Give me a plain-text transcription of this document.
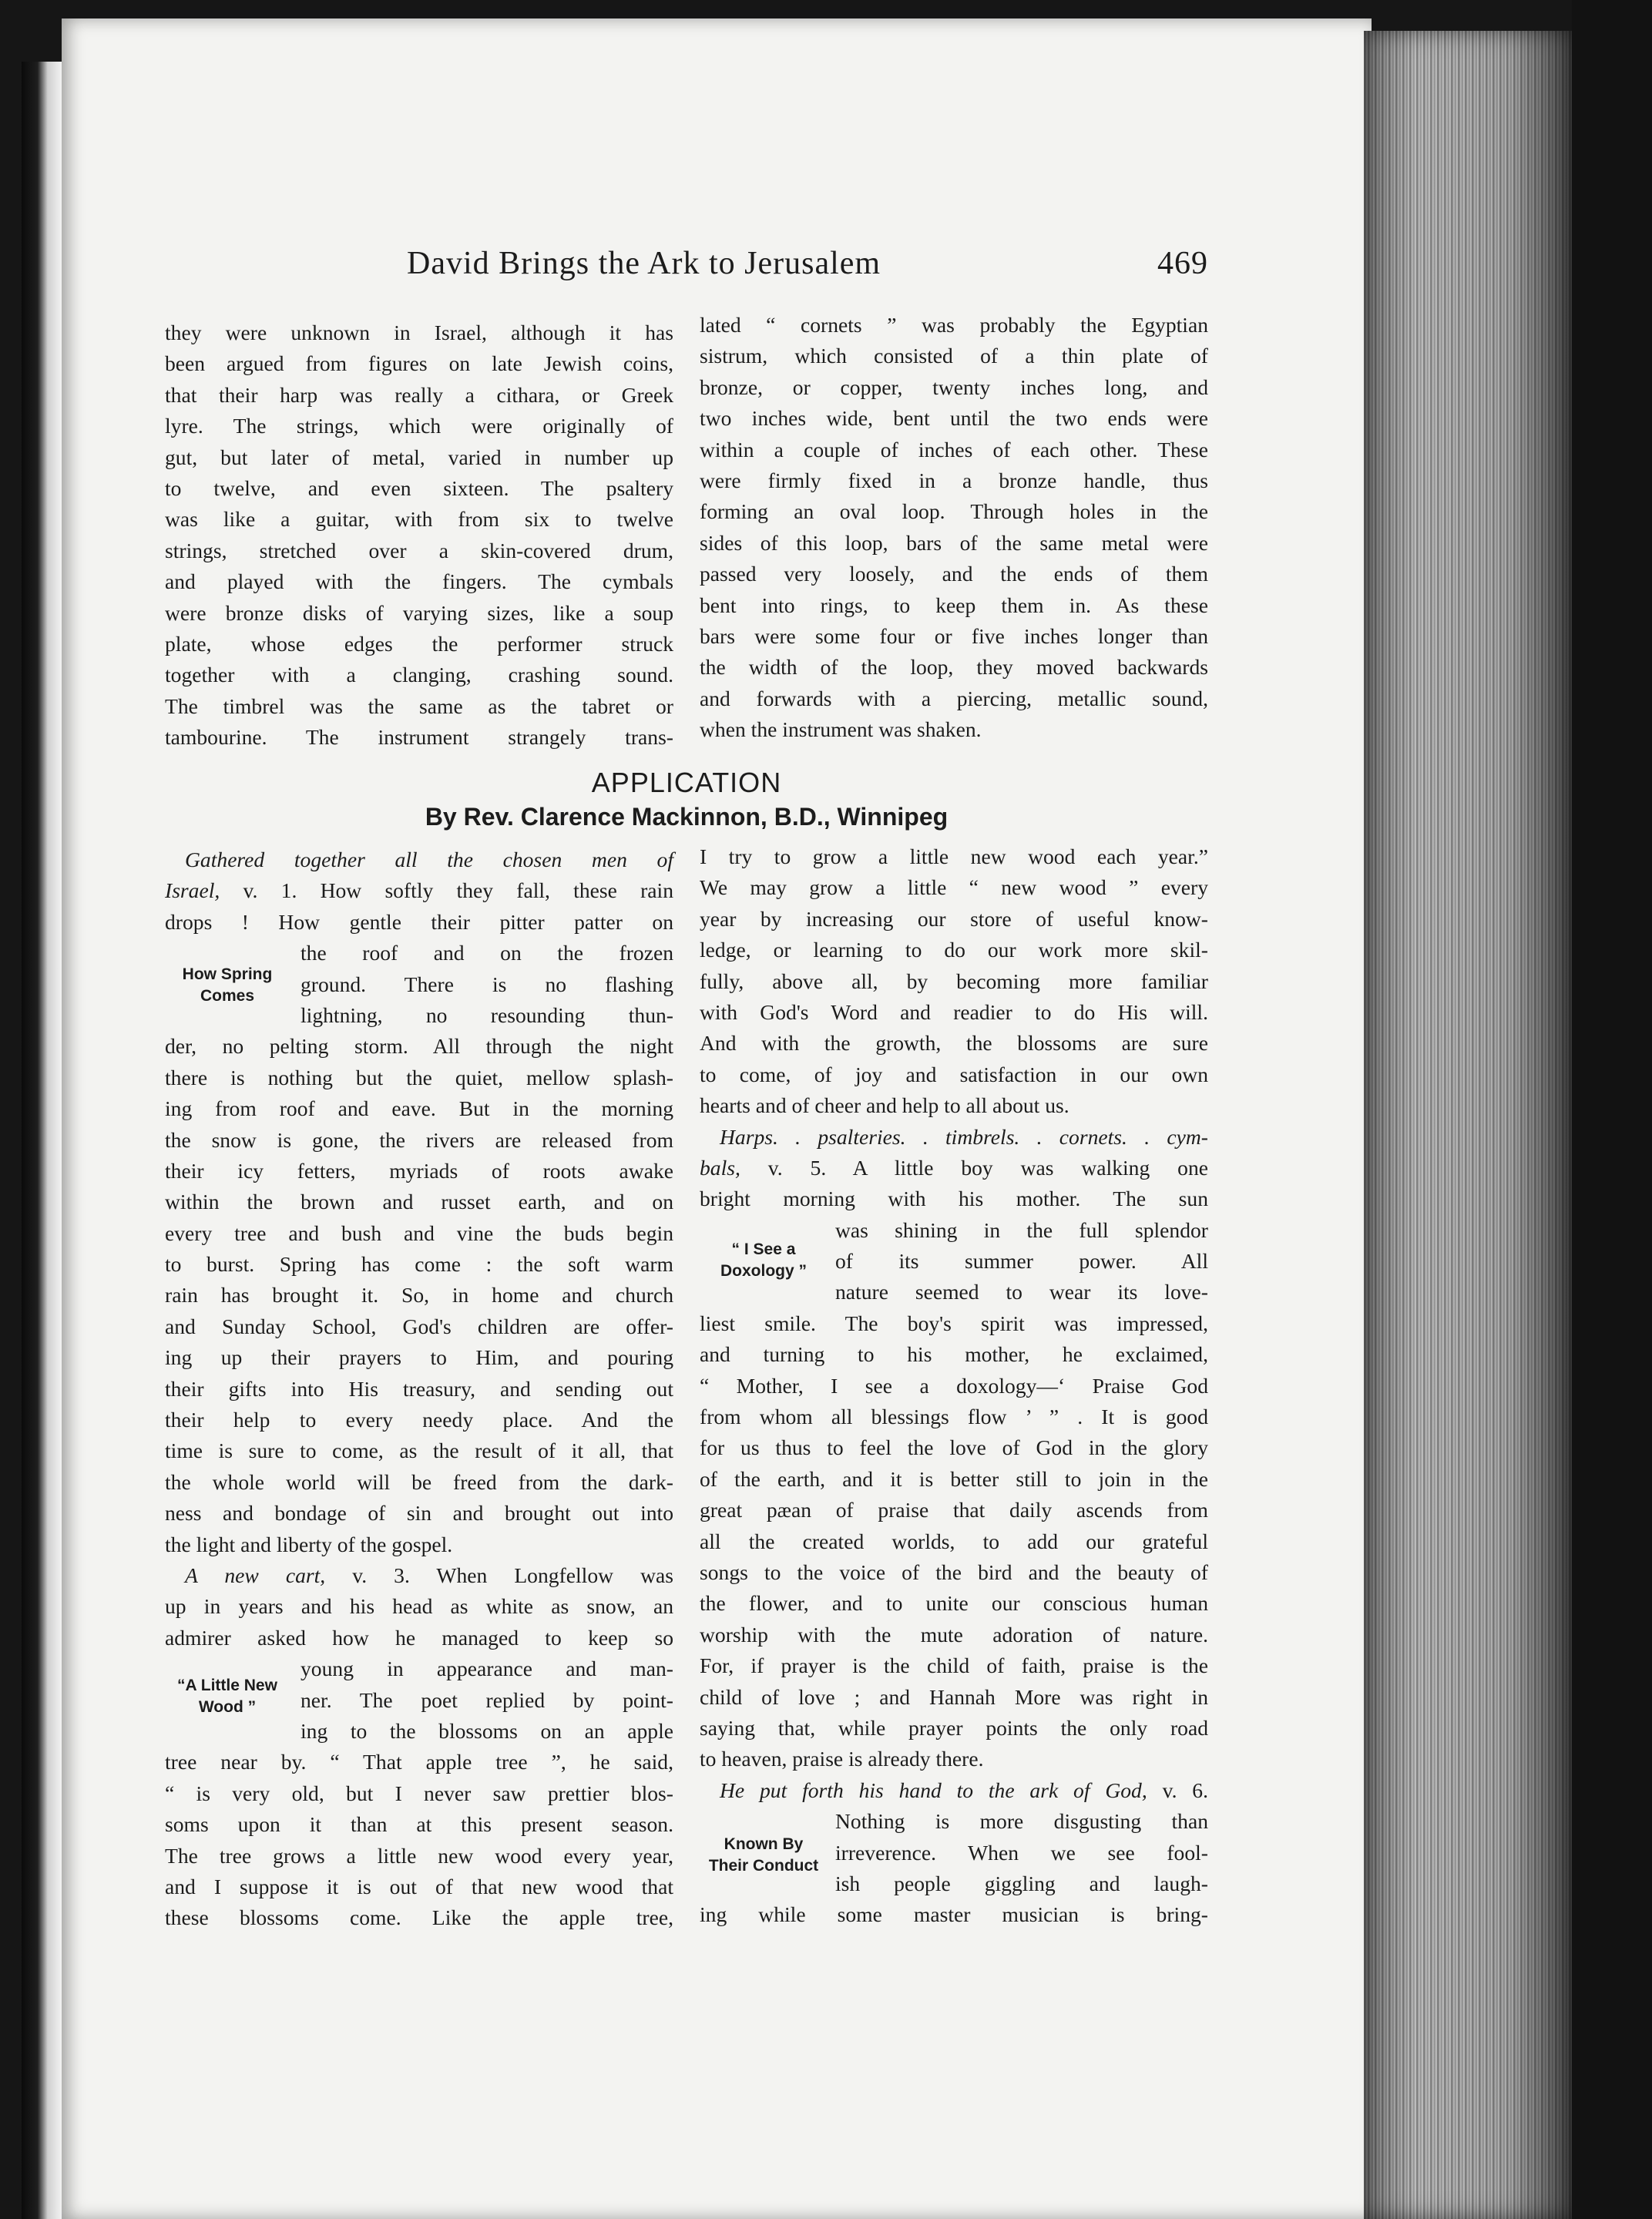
David Brings the Ark to Jerusalem	469
they were unknown in Israel, although it has
been argued from figures on late Jewish coins,
that their harp was really a cithara, or Greek
lyre. The strings, which were originally of
gut, but later of metal, varied in number up
to twelve, and even sixteen. The psaltery
was like a guitar, with from six to twelve
strings, stretched over a skin-covered drum,
and played with the fingers. The cymbals
were bronze disks of varying sizes, like a soup
plate, whose edges the performer struck
together with a clanging, crashing sound.
The timbrel was the same as the tabret or
tambourine. The instrument strangely trans-
lated “ cornets ” was probably the Egyptian
sistrum, which consisted of a thin plate of
bronze, or copper, twenty inches long, and
two inches wide, bent until the two ends were
within a couple of inches of each other. These
were firmly fixed in a bronze handle, thus
forming an oval loop. Through holes in the
sides of this loop, bars of the same metal were
passed very loosely, and the ends of them
bent into rings, to keep them in. As these
bars were some four or five inches longer than
the width of the loop, they moved backwards
and forwards with a piercing, metallic sound,
when the instrument was shaken.
APPLICATION
By Rev. Clarence Mackinnon, B.D., Winnipeg
Gathered together all the chosen men of
Israel, v. 1. How softly they fall, these rain
drops ! How gentle their pitter patter on
the roof and on the frozen
ground. There is no flashing
lightning, no resounding thun-
der, no pelting storm. All through the night
there is nothing but the quiet, mellow splash-
ing from roof and eave. But in the morning
the snow is gone, the rivers are released from
their icy fetters, myriads of roots awake
within the brown and russet earth, and on
every tree and bush and vine the buds begin
to burst. Spring has come : the soft warm
rain has brought it. So, in home and church
and Sunday School, God's children are offer-
ing up their prayers to Him, and pouring
their gifts into His treasury, and sending out
their help to every needy place. And the
time is sure to come, as the result of it all, that
the whole world will be freed from the dark-
ness and bondage of sin and brought out into
the light and liberty of the gospel.
A new cart, v. 3. When Longfellow was
up in years and his head as white as snow, an
admirer asked how he managed to keep so
young in appearance and man-
ner. The poet replied by point-
ing to the blossoms on an apple
tree near by. “ That apple tree ”, he said,
“ is very old, but I never saw prettier blos-
soms upon it than at this present season.
The tree grows a little new wood every year,
and I suppose it is out of that new wood that
these blossoms come. Like the apple tree,
I try to grow a little new wood each year.”
We may grow a little “ new wood ” every
year by increasing our store of useful know-
ledge, or learning to do our work more skil-
fully, above all, by becoming more familiar
with God's Word and readier to do His will.
And with the growth, the blossoms are sure
to come, of joy and satisfaction in our own
hearts and of cheer and help to all about us.
Harps. . psalteries. . timbrels. . cornets. . cym-
bals, v. 5. A little boy was walking one
bright morning with his mother. The sun
was shining in the full splendor
of its summer power. All
nature seemed to wear its love-
liest smile. The boy's spirit was impressed,
and turning to his mother, he exclaimed,
“ Mother, I see a doxology—‘ Praise God
from whom all blessings flow ’ ” . It is good
for us thus to feel the love of God in the glory
of the earth, and it is better still to join in the
great pæan of praise that daily ascends from
all the created worlds, to add our grateful
songs to the voice of the bird and the beauty of
the flower, and to unite our conscious human
worship with the mute adoration of nature.
For, if prayer is the child of faith, praise is the
child of love ; and Hannah More was right in
saying that, while prayer points the only road
to heaven, praise is already there.
He put forth his hand to the ark of God, v. 6.
Nothing is more disgusting than
irreverence. When we see fool-
ish people giggling and laugh-
ing while some master musician is bring-
How Spring
Comes
“A Little New
Wood ”
“ I See a
Doxology ”
Known By
Their Conduct
